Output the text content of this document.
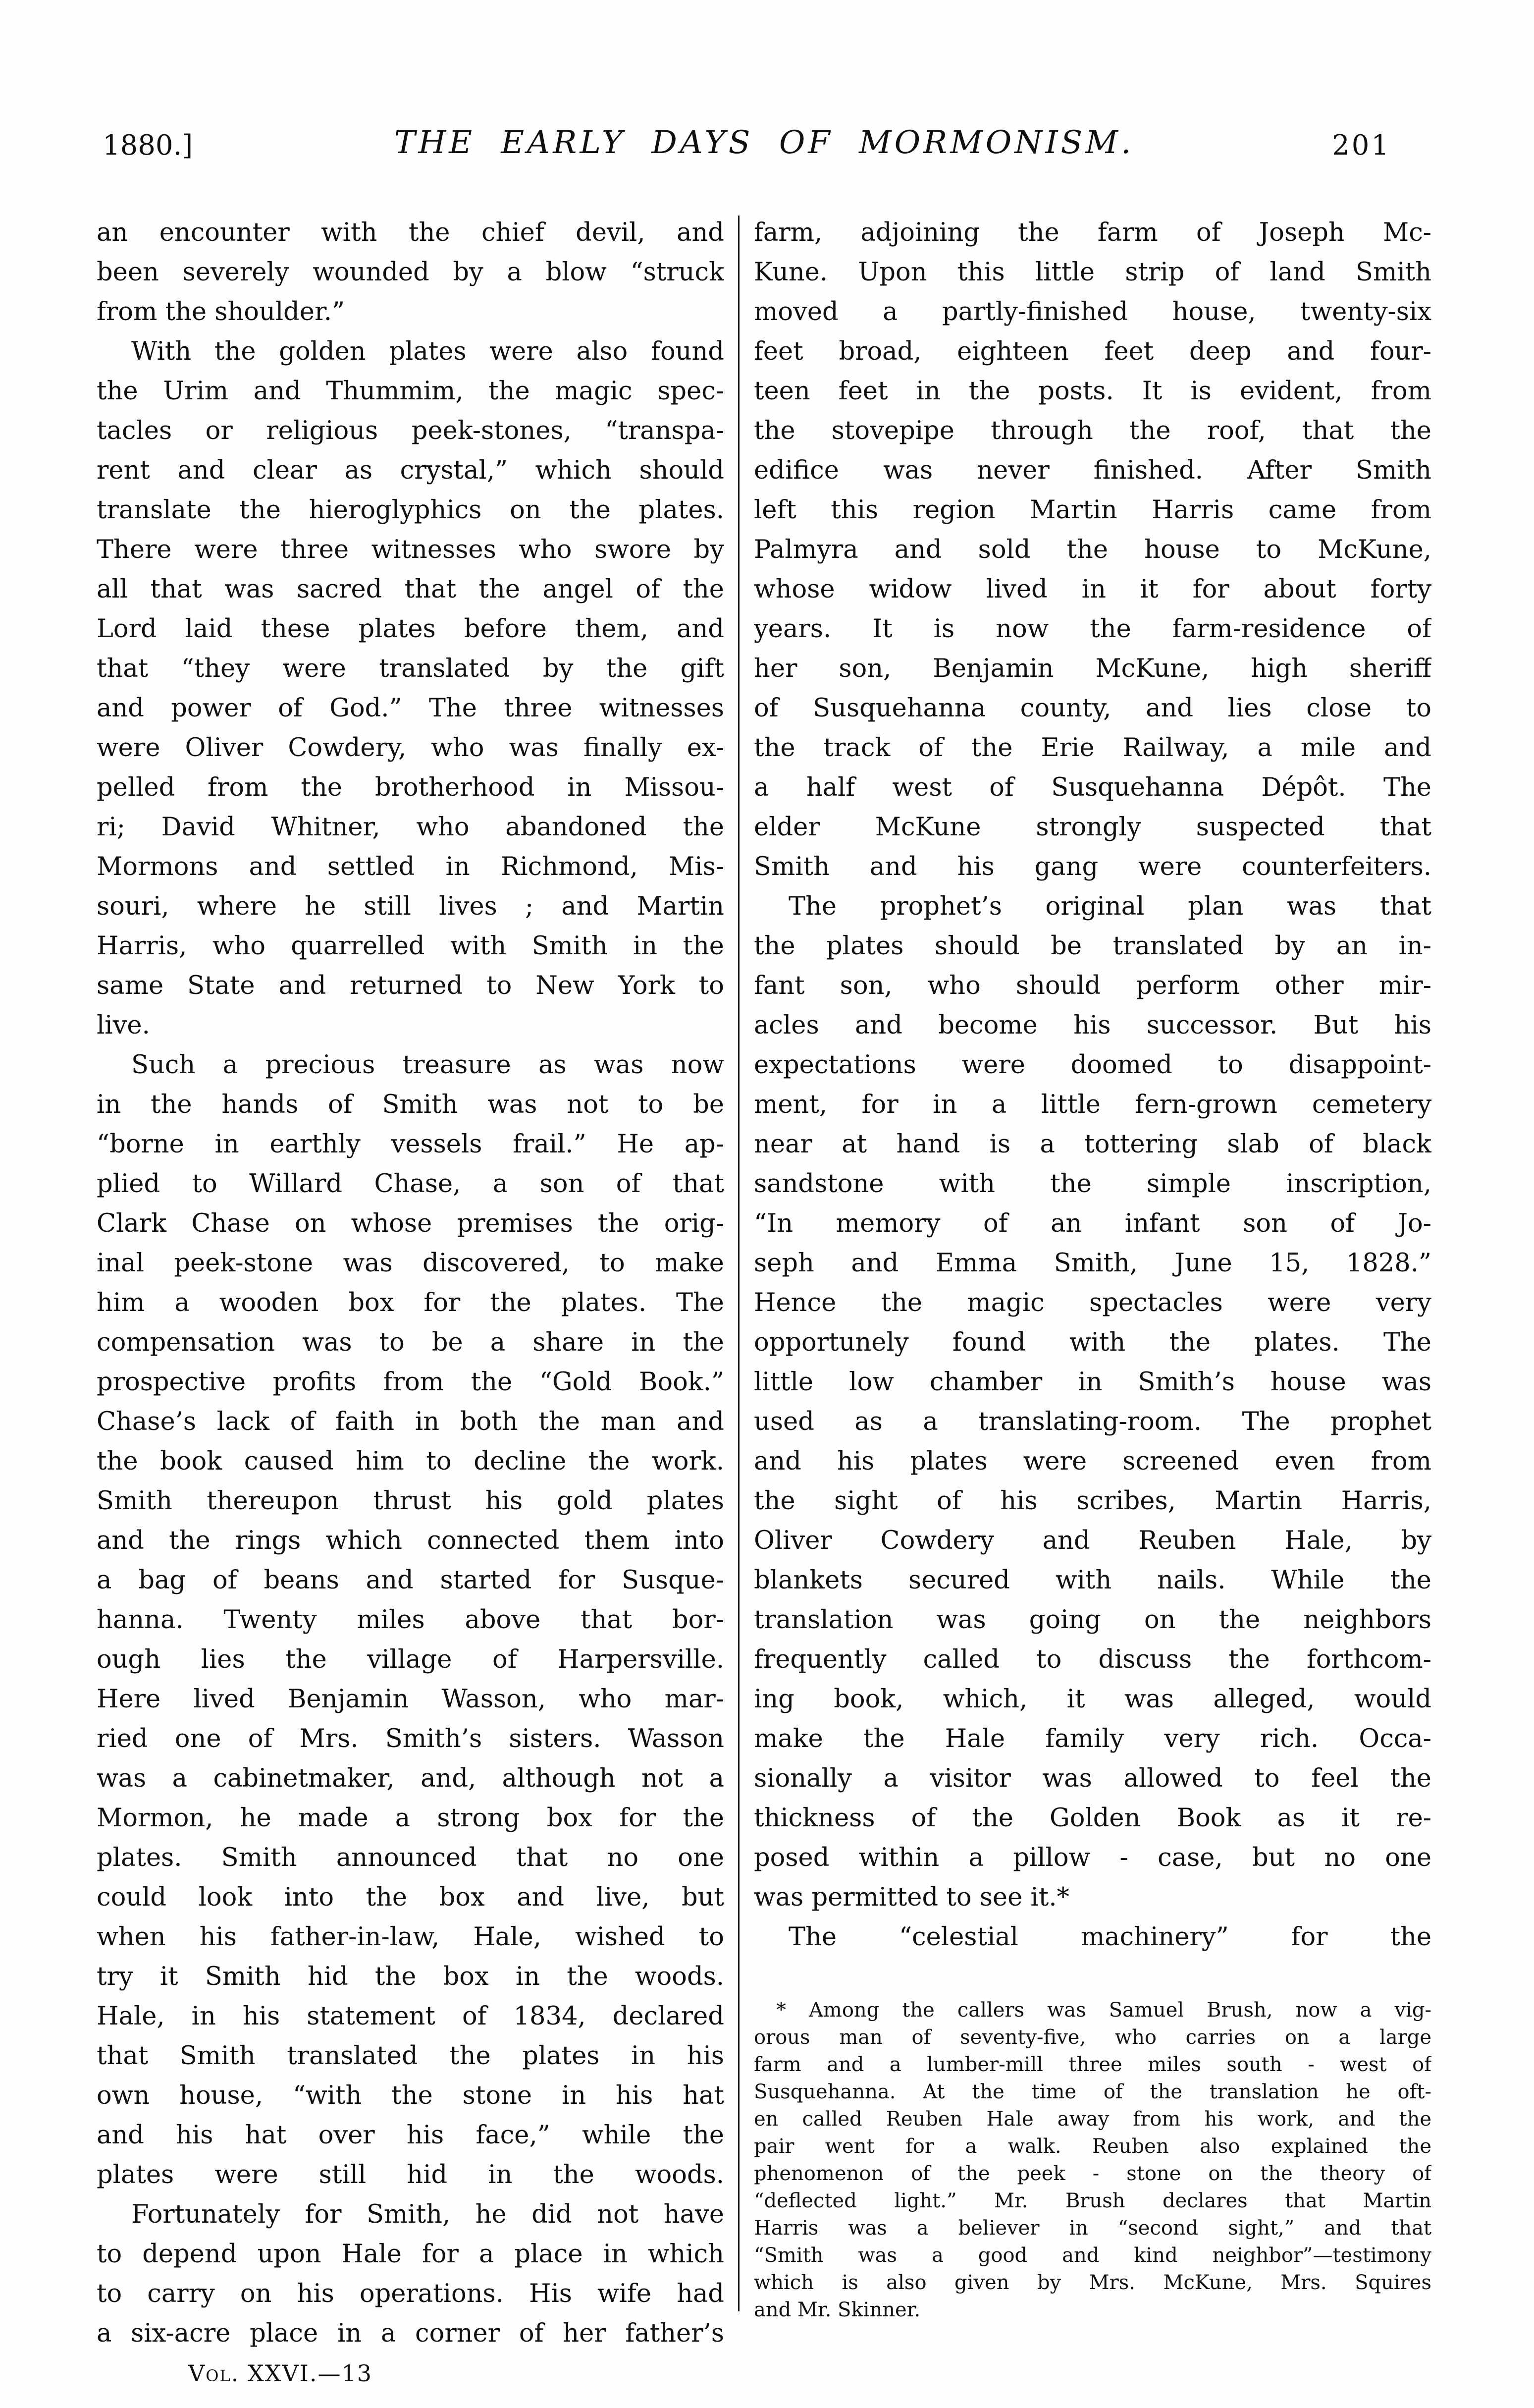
1880.]	THE EARLY DAYS OF MORMONISM.	201
an encounter with the chief devil, and
been severely wounded by a blow “struck
from the shoulder.”
With the golden plates were also found
the Urim and Thummim, the magic spec-
tacles or religious peek-stones, “transpa-
rent and clear as crystal,” which should
translate the hieroglyphics on the plates.
There were three witnesses who swore by
all that was sacred that the angel of the
Lord laid these plates before them, and
that “they were translated by the gift
and power of God.” The three witnesses
were Oliver Cowdery, who was finally ex-
pelled from the brotherhood in Missou-
ri; David Whitner, who abandoned the
Mormons and settled in Richmond, Mis-
souri, where he still lives ; and Martin
Harris, who quarrelled with Smith in the
same State and returned to New York to
live.
Such a precious treasure as was now
in the hands of Smith was not to be
“borne in earthly vessels frail.” He ap-
plied to Willard Chase, a son of that
Clark Chase on whose premises the orig-
inal peek-stone was discovered, to make
him a wooden box for the plates. The
compensation was to be a share in the
prospective profits from the “Gold Book.”
Chase’s lack of faith in both the man and
the book caused him to decline the work.
Smith thereupon thrust his gold plates
and the rings which connected them into
a bag of beans and started for Susque-
hanna. Twenty miles above that bor-
ough lies the village of Harpersville.
Here lived Benjamin Wasson, who mar-
ried one of Mrs. Smith’s sisters. Wasson
was a cabinetmaker, and, although not a
Mormon, he made a strong box for the
plates. Smith announced that no one
could look into the box and live, but
when his father-in-law, Hale, wished to
try it Smith hid the box in the woods.
Hale, in his statement of 1834, declared
that Smith translated the plates in his
own house, “with the stone in his hat
and his hat over his face,” while the
plates were still hid in the woods.
Fortunately for Smith, he did not have
to depend upon Hale for a place in which
to carry on his operations. His wife had
a six-acre place in a corner of her father’s
Vol. XXVI.—13
farm, adjoining the farm of Joseph Mc-
Kune. Upon this little strip of land Smith
moved a partly-finished house, twenty-six
feet broad, eighteen feet deep and four-
teen feet in the posts. It is evident, from
the stovepipe through the roof, that the
edifice was never finished. After Smith
left this region Martin Harris came from
Palmyra and sold the house to McKune,
whose widow lived in it for about forty
years. It is now the farm-residence of
her son, Benjamin McKune, high sheriff
of Susquehanna county, and lies close to
the track of the Erie Railway, a mile and
a half west of Susquehanna Dépôt. The
elder McKune strongly suspected that
Smith and his gang were counterfeiters.
The prophet’s original plan was that
the plates should be translated by an in-
fant son, who should perform other mir-
acles and become his successor. But his
expectations were doomed to disappoint-
ment, for in a little fern-grown cemetery
near at hand is a tottering slab of black
sandstone with the simple inscription,
“In memory of an infant son of Jo-
seph and Emma Smith, June 15, 1828.”
Hence the magic spectacles were very
opportunely found with the plates. The
little low chamber in Smith’s house was
used as a translating-room. The prophet
and his plates were screened even from
the sight of his scribes, Martin Harris,
Oliver Cowdery and Reuben Hale, by
blankets secured with nails. While the
translation was going on the neighbors
frequently called to discuss the forthcom-
ing book, which, it was alleged, would
make the Hale family very rich. Occa-
sionally a visitor was allowed to feel the
thickness of the Golden Book as it re-
posed within a pillow - case, but no one
was permitted to see it.*
The “celestial machinery” for the
* Among the callers was Samuel Brush, now a vig-
orous man of seventy-five, who carries on a large
farm and a lumber-mill three miles south - west of
Susquehanna. At the time of the translation he oft-
en called Reuben Hale away from his work, and the
pair went for a walk. Reuben also explained the
phenomenon of the peek - stone on the theory of
“deflected light.” Mr. Brush declares that Martin
Harris was a believer in “second sight,” and that
“Smith was a good and kind neighbor”—testimony
which is also given by Mrs. McKune, Mrs. Squires
and Mr. Skinner.
